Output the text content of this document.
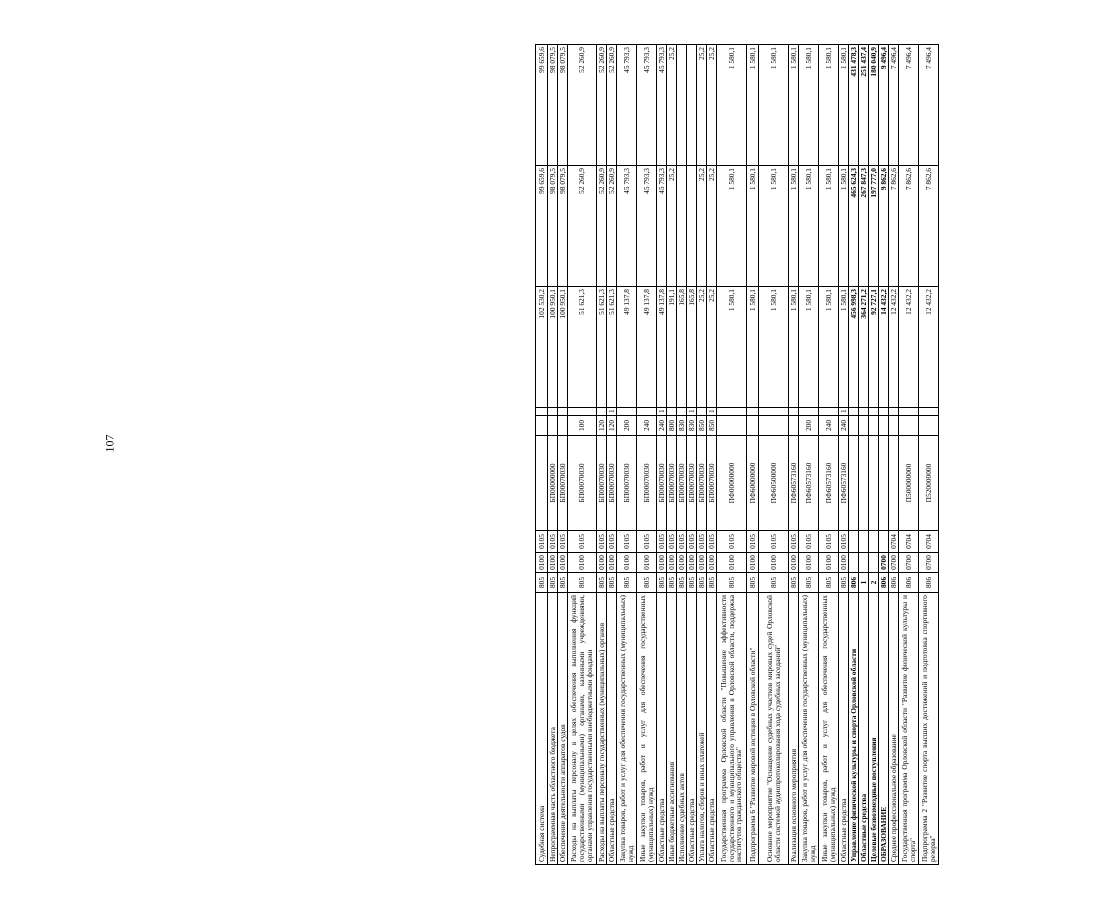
107
Судебная система	805	0100	0105				102 530,2	99 659,6	99 659,6
Непрограммная часть областного бюджета	805	0100	0105	БП00000000			100 950,1	98 079,5	98 079,5
Обеспечение деятельности аппаратов судов	805	0100	0105	БП00070030			100 950,1	98 079,5	98 079,5
Расходы на выплаты персоналу в целях обеспечения выполнения функций государственными (муниципальными) органами, казенными учреждениями, органами управления государственными внебюджетными фондами	805	0100	0105	БП00070030	100		51 621,3	52 260,9	52 260,9
Расходы на выплаты персоналу государственных (муниципальных) органов	805	0100	0105	БП00070030	120		51 621,3	52 260,9	52 260,9
Областные средства	805	0100	0105	БП00070030	120	1	51 621,3	52 260,9	52 260,9
Закупка товаров, работ и услуг для обеспечения государственных (муниципальных) нужд	805	0100	0105	БП00070030	200		49 137,8	45 793,3	45 793,3
Иные закупки товаров, работ и услуг для обеспечения государственных (муниципальных) нужд	805	0100	0105	БП00070030	240		49 137,8	45 793,3	45 793,3
Областные средства	805	0100	0105	БП00070030	240	1	49 137,8	45 793,3	45 793,3
Иные бюджетные ассигнования	805	0100	0105	БП00070030	800		191,1	25,2	25,2
Исполнение судебных актов	805	0100	0105	БП00070030	830		165,8		
Областные средства	805	0100	0105	БП00070030	830	1	165,8		
Уплата налогов, сборов и иных платежей	805	0100	0105	БП00070030	850		25,2	25,2	25,2
Областные средства	805	0100	0105	БП00070030	850	1	25,2	25,2	25,2
Государственная программа Орловской области "Повышение эффективности государственного и муниципального управления в Орловской области, поддержка институтов гражданского общества"	805	0100	0105	ПФ00000000			1 580,1	1 580,1	1 580,1
Подпрограмма 6 "Развитие мировой юстиции в Орловской области"	805	0100	0105	ПФ60000000			1 580,1	1 580,1	1 580,1
Основное мероприятие "Оснащение судебных участков мировых судей Орловской области системой аудиопротоколирования хода судебных заседаний"	805	0100	0105	ПФ60500000			1 580,1	1 580,1	1 580,1
Реализация основного мероприятия	805	0100	0105	ПФ60573160			1 580,1	1 580,1	1 580,1
Закупка товаров, работ и услуг для обеспечения государственных (муниципальных) нужд	805	0100	0105	ПФ60573160	200		1 580,1	1 580,1	1 580,1
Иные закупки товаров, работ и услуг для обеспечения государственных (муниципальных) нужд	805	0100	0105	ПФ60573160	240		1 580,1	1 580,1	1 580,1
Областные средства	805	0100	0105	ПФ60573160	240	1	1 580,1	1 580,1	1 580,1
Управление физической культуры и спорта Орловской области	806						456 998,3	465 624,3	431 478,3
Областные средства	1						364 271,2	267 847,3	251 437,4
Целевые безвозмездные поступления	2						92 727,1	197 777,0	180 040,9
ОБРАЗОВАНИЕ	806	0700					14 432,2	9 862,6	9 496,4
Среднее профессиональное образование	806	0700	0704				12 432,2	7 862,6	7 496,4
Государственная программа Орловской области "Развитие физической культуры и спорта"	806	0700	0704	П500000000			12 432,2	7 862,6	7 496,4
Подпрограмма 2 "Развитие спорта высших достижений и подготовка спортивного резерва"	806	0700	0704	П520000000			12 432,2	7 862,6	7 496,4
